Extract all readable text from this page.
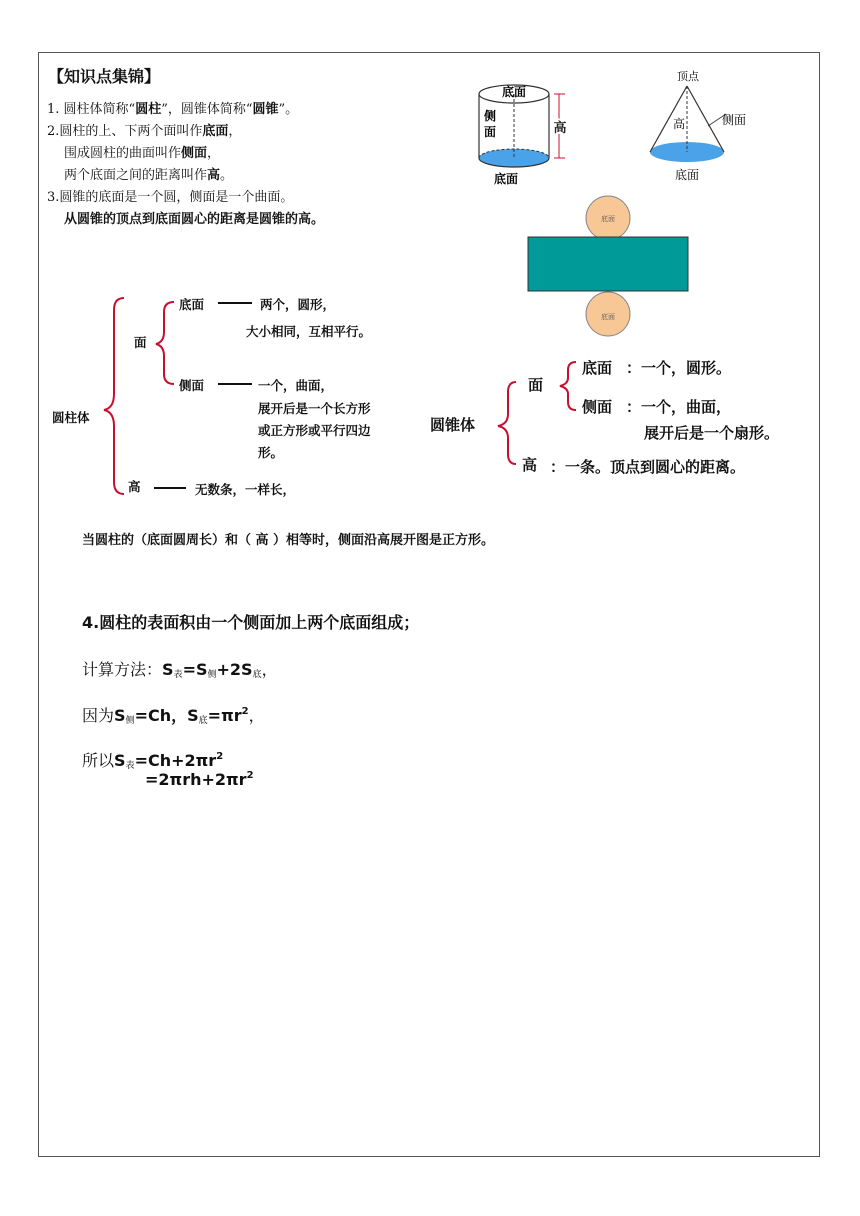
【知识点集锦】
1. 圆柱体简称“圆柱”，圆锥体简称“圆锥”。
2.圆柱的上、下两个面叫作底面，
围成圆柱的曲面叫作侧面，
两个底面之间的距离叫作高。
3.圆锥的底面是一个圆，侧面是一个曲面。
从圆锥的顶点到底面圆心的距离是圆锥的高。
底面
侧
面	高
底面
顶点
高	侧面
底面
底面
底面
圆柱体
面
底面	两个，圆形，
大小相同，互相平行。
侧面	一个，曲面，
展开后是一个长方形
或正方形或平行四边
形。
高	无数条，一样长，
圆锥体
面
底面 ：一个，圆形。
侧面 ：一个，曲面，
展开后是一个扇形。
高 ：一条。顶点到圆心的距离。
当圆柱的（底面圆周长）和（ 高 ）相等时，侧面沿高展开图是正方形。
4.圆柱的表面积由一个侧面加上两个底面组成；
计算方法：$S_表=S_侧+2S_底$，
因为$S_侧=Ch$，$S_底=\pi r^2$，
所以$S_表=Ch+2\pi r^2$
$=2\pi rh+2\pi r^2$
